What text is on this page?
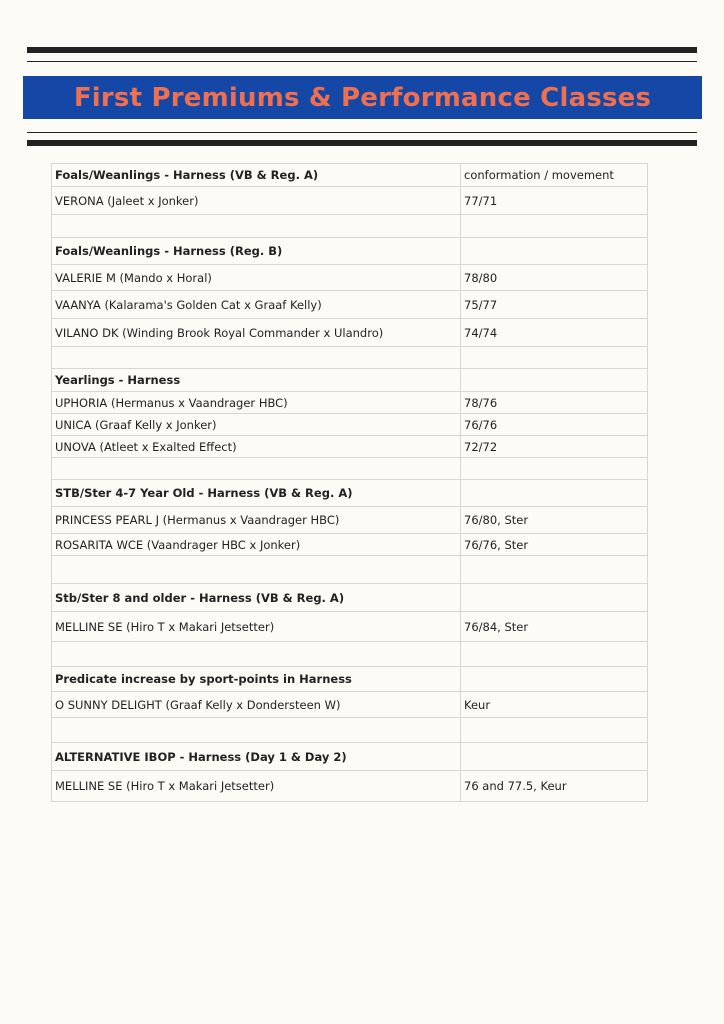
First Premiums & Performance Classes
Foals/Weanlings - Harness (VB & Reg. A)	conformation / movement
VERONA (Jaleet x Jonker)	77/71

Foals/Weanlings - Harness (Reg. B)	
VALERIE M (Mando x Horal)	78/80
VAANYA (Kalarama's Golden Cat x Graaf Kelly)	75/77
VILANO DK (Winding Brook Royal Commander x Ulandro)	74/74

Yearlings - Harness	
UPHORIA (Hermanus x Vaandrager HBC)	78/76
UNICA (Graaf Kelly x Jonker)	76/76
UNOVA (Atleet x Exalted Effect)	72/72

STB/Ster 4-7 Year Old - Harness (VB & Reg. A)	
PRINCESS PEARL J (Hermanus x Vaandrager HBC)	76/80, Ster
ROSARITA WCE (Vaandrager HBC x Jonker)	76/76, Ster

Stb/Ster 8 and older - Harness (VB & Reg. A)	
MELLINE SE (Hiro T x Makari Jetsetter)	76/84, Ster

Predicate increase by sport-points in Harness	
O SUNNY DELIGHT (Graaf Kelly x Dondersteen W)	Keur

ALTERNATIVE IBOP - Harness (Day 1 & Day 2)	
MELLINE SE (Hiro T x Makari Jetsetter)	76 and 77.5, Keur
